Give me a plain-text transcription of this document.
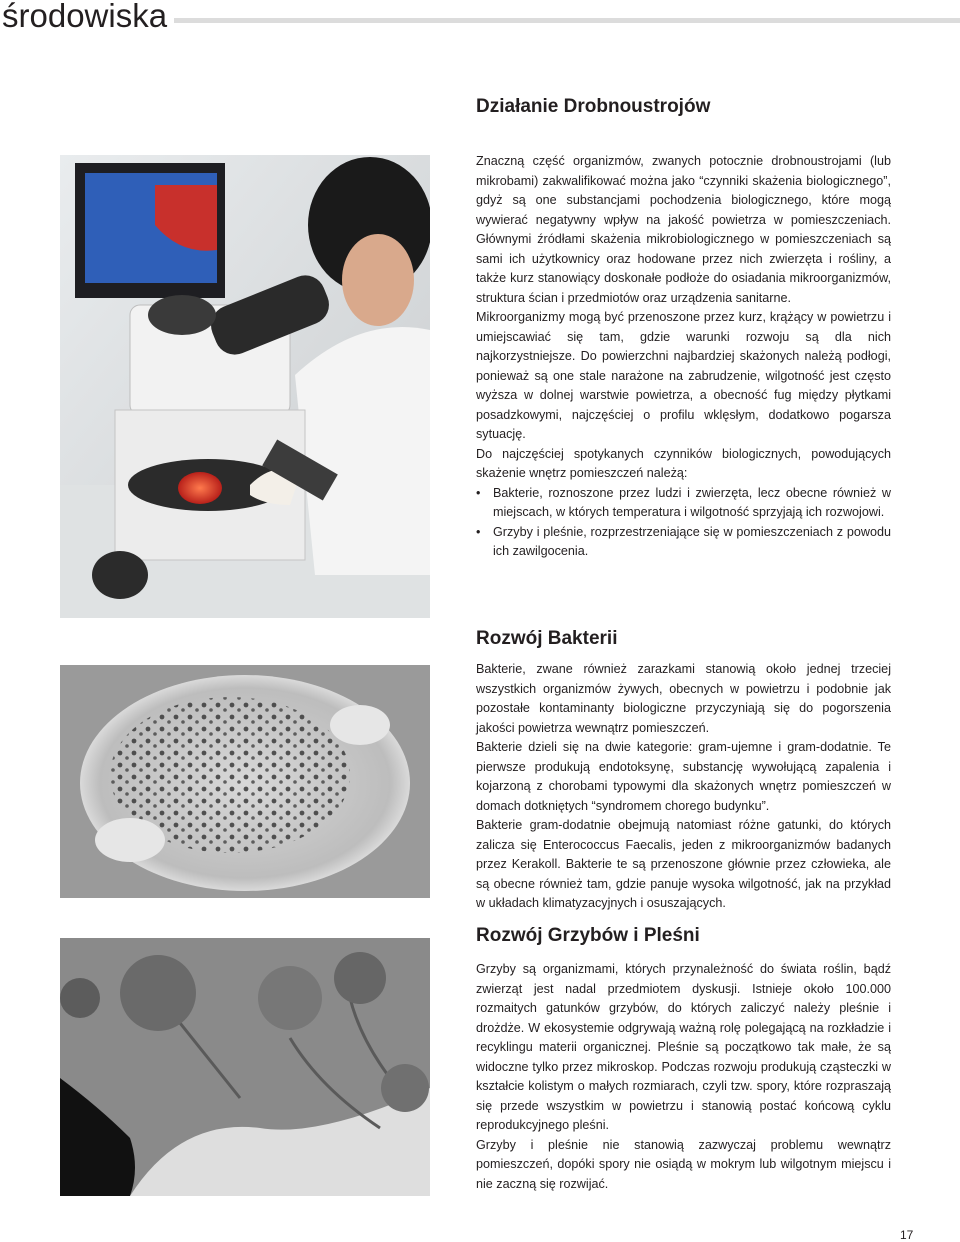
środowiska
Działanie Drobnoustrojów

Znaczną część organizmów, zwanych potocznie drobnoustrojami (lub mikrobami) zakwalifikować można jako “czynniki skażenia biologicznego”, gdyż są one substancjami pochodzenia biologicznego, które mogą wywierać negatywny wpływ na jakość powietrza w pomieszczeniach. Głównymi źródłami skażenia mikrobiologicznego w pomieszczeniach są sami ich użytkownicy oraz hodowane przez nich zwierzęta i rośliny, a także kurz stanowiący doskonałe podłoże do osiadania mikroorganizmów, struktura ścian i przedmiotów oraz urządzenia sanitarne.

Mikroorganizmy mogą być przenoszone przez kurz, krążący w powietrzu i umiejscawiać się tam, gdzie warunki rozwoju są dla nich najkorzystniejsze. Do powierzchni najbardziej skażonych należą podłogi, ponieważ są one stale narażone na zabrudzenie, wilgotność jest często wyższa w dolnej warstwie powietrza, a obecność fug między płytkami posadzkowymi, najczęściej o profilu wklęsłym, dodatkowo pogarsza sytuację.

Do najczęściej spotykanych czynników biologicznych, powodujących skażenie wnętrz pomieszczeń należą:

• Bakterie, roznoszone przez ludzi i zwierzęta, lecz obecne również w miejscach, w których temperatura i wilgotność sprzyjają ich rozwojowi.
• Grzyby i pleśnie, rozprzestrzeniające się w pomieszczeniach z powodu ich zawilgocenia.
Rozwój Bakterii

Bakterie, zwane również zarazkami stanowią około jednej trzeciej wszystkich organizmów żywych, obecnych w powietrzu i podobnie jak pozostałe kontaminanty biologiczne przyczyniają się do pogorszenia jakości powietrza wewnątrz pomieszczeń.

Bakterie dzieli się na dwie kategorie: gram-ujemne i gram-dodatnie. Te pierwsze produkują endotoksynę, substancję wywołującą zapalenia i kojarzoną z chorobami typowymi dla skażonych wnętrz pomieszczeń w domach dotkniętych “syndromem chorego budynku”.

Bakterie gram-dodatnie obejmują natomiast różne gatunki, do których zalicza się Enterococcus Faecalis, jeden z mikroorganizmów badanych przez Kerakoll. Bakterie te są przenoszone głównie przez człowieka, ale są obecne również tam, gdzie panuje wysoka wilgotność, jak na przykład w układach klimatyzacyjnych i osuszających.

Rozwój Grzybów i Pleśni

Grzyby są organizmami, których przynależność do świata roślin, bądź zwierząt jest nadal przedmiotem dyskusji. Istnieje około 100.000 rozmaitych gatunków grzybów, do których zaliczyć należy pleśnie i drożdże. W ekosystemie odgrywają ważną rolę polegającą na rozkładzie i recyklingu materii organicznej. Pleśnie są początkowo tak małe, że są widoczne tylko przez mikroskop. Podczas rozwoju produkują cząsteczki w kształcie kolistym o małych rozmiarach, czyli tzw. spory, które rozpraszają się przede wszystkim w powietrzu i stanowią postać końcową cyklu reprodukcyjnego pleśni.

Grzyby i pleśnie nie stanowią zazwyczaj problemu wewnątrz pomieszczeń, dopóki spory nie osiądą w mokrym lub wilgotnym miejscu i nie zaczną się rozwijać.

17
